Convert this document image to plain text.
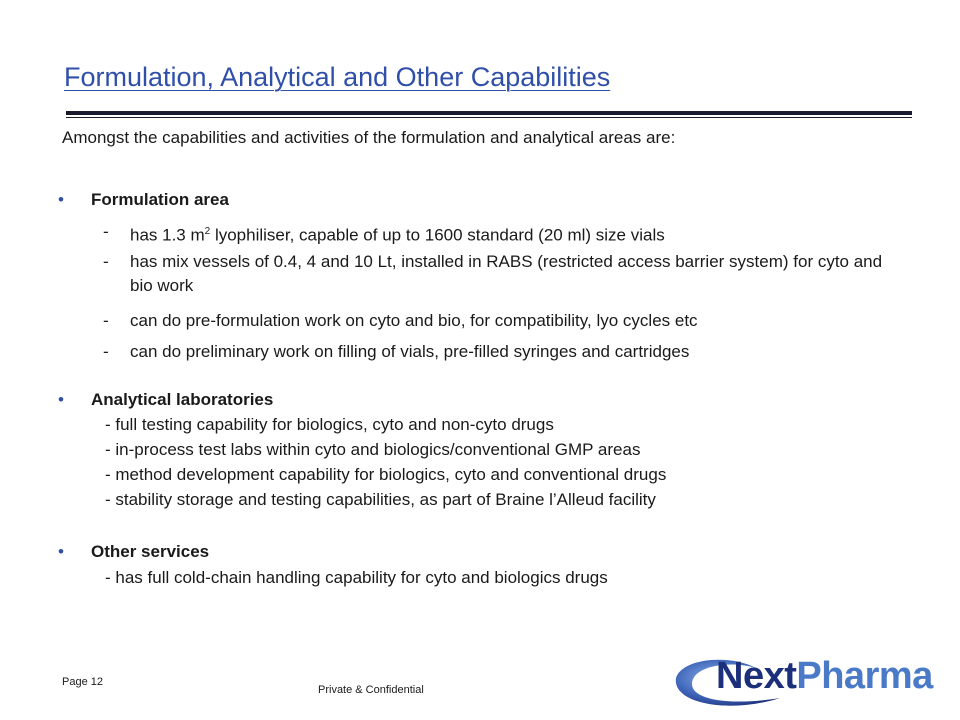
Formulation, Analytical and Other Capabilities
Amongst the capabilities and activities of the formulation and analytical areas are:
• Formulation area
-	has 1.3 $m^2$ lyophiliser, capable of up to 1600 standard (20 ml) size vials
-	has mix vessels of 0.4, 4 and 10 Lt, installed in RABS (restricted access barrier system) for cyto and bio work
-	can do pre-formulation work on cyto and bio, for compatibility, lyo cycles etc
-	can do preliminary work on filling of vials, pre-filled syringes and cartridges
• Analytical laboratories
- full testing capability for biologics, cyto and non-cyto drugs
- in-process test labs within cyto and biologics/conventional GMP areas
- method development capability for biologics, cyto and conventional drugs
- stability storage and testing capabilities, as part of Braine l’Alleud facility
• Other services
- has full cold-chain handling capability for cyto and biologics drugs
Page 12
Private & Confidential	NextPharma
